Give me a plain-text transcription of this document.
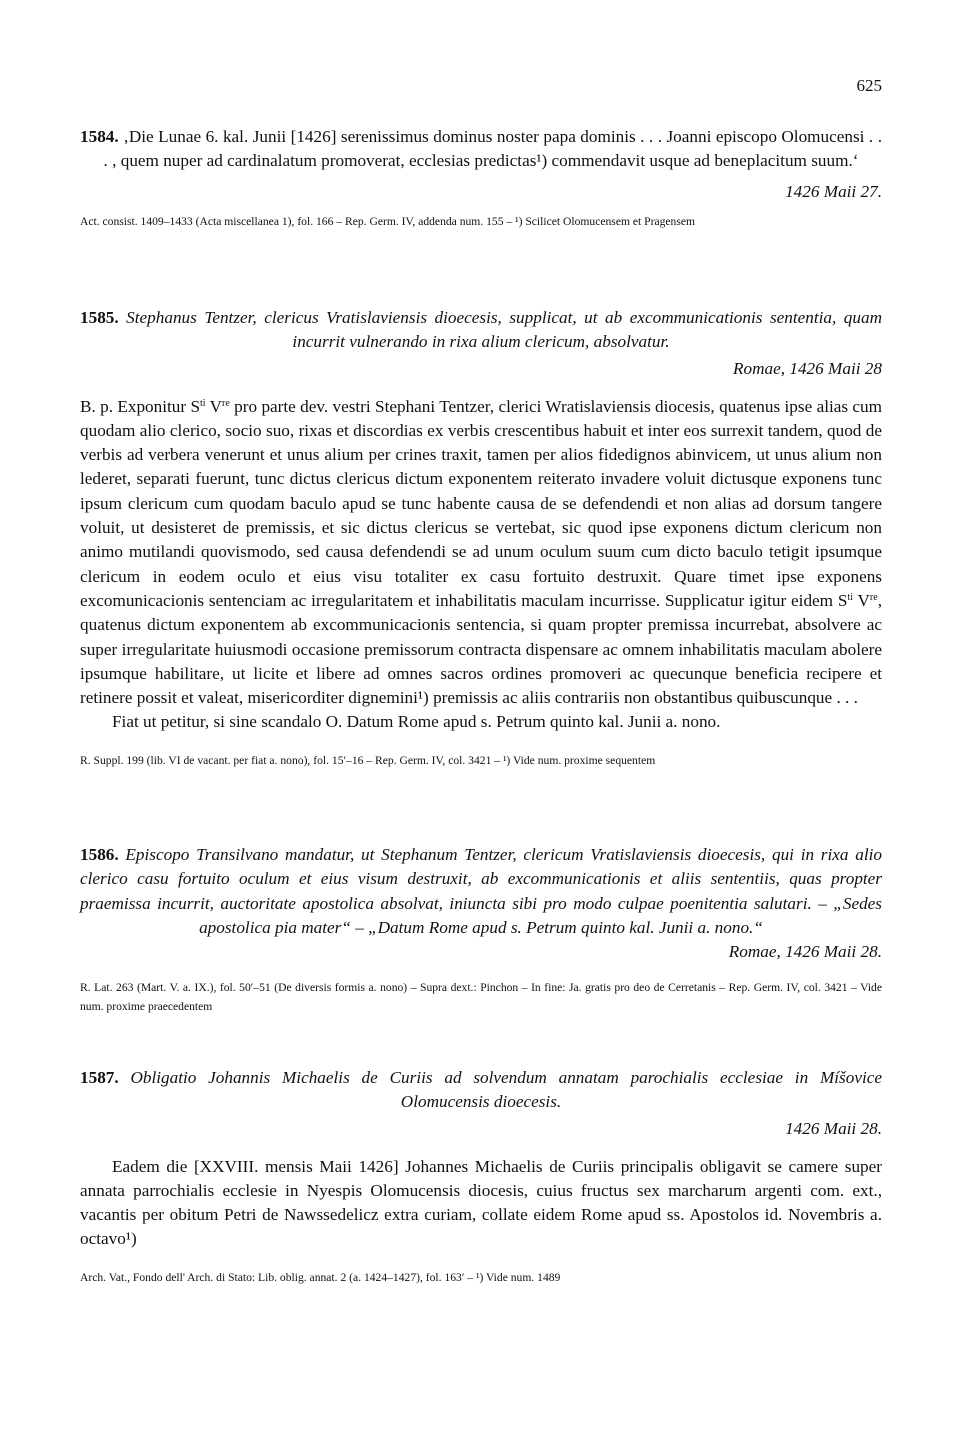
625

1584. ‚Die Lunae 6. kal. Junii [1426] serenissimus dominus noster papa dominis . . . Joanni episcopo Olomucensi . . . , quem nuper ad cardinalatum promoverat, ecclesias predictas¹) commendavit usque ad beneplacitum suum.‘

1426 Maii 27.

Act. consist. 1409–1433 (Acta miscellanea 1), fol. 166 – Rep. Germ. IV, addenda num. 155 – ¹) Scilicet Olomucensem et Pragensem

1585. Stephanus Tentzer, clericus Vratislaviensis dioecesis, supplicat, ut ab excommunicationis sententia, quam incurrit vulnerando in rixa alium clericum, absolvatur.

Romae, 1426 Maii 28

B. p. Exponitur $S^{ti}$ Vre pro parte dev. vestri Stephani Tentzer, clerici Wratislaviensis diocesis, quatenus ipse alias cum quodam alio clerico, socio suo, rixas et discordias ex verbis crescentibus habuit et inter eos surrexit tandem, quod de verbis ad verbera venerunt et unus alium per crines traxit, tamen per alios fidedignos abinvicem, ut unus alium non lederet, separati fuerunt, tunc dictus clericus dictum exponentem reiterato invadere voluit dictusque exponens tunc ipsum clericum cum quodam baculo apud se tunc habente causa de se defendendi et non alias ad dorsum tangere voluit, ut desisteret de premissis, et sic dictus clericus se vertebat, sic quod ipse exponens dictum clericum non animo mutilandi quovismodo, sed causa defendendi se ad unum oculum suum cum dicto baculo tetigit ipsumque clericum in eodem oculo et eius visu totaliter ex casu fortuito destruxit. Quare timet ipse exponens excomunicacionis sentenciam ac irregularitatem et inhabilitatis maculam incurrisse. Supplicatur igitur eidem $S^{ti}$ Vre, quatenus dictum exponentem ab excommunicacionis sentencia, si quam propter premissa incurrebat, absolvere ac super irregularitate huiusmodi occasione premissorum contracta dispensare ac omnem inhabilitatis maculam abolere ipsumque habilitare, ut licite et libere ad omnes sacros ordines promoveri ac quecunque beneficia recipere et retinere possit et valeat, misericorditer dignemini¹) premissis ac aliis contrariis non obstantibus quibuscunque . . .

Fiat ut petitur, si sine scandalo O. Datum Rome apud s. Petrum quinto kal. Junii a. nono.

R. Suppl. 199 (lib. VI de vacant. per fiat a. nono), fol. 15′–16 – Rep. Germ. IV, col. 3421 – ¹) Vide num. proxime sequentem

1586. Episcopo Transilvano mandatur, ut Stephanum Tentzer, clericum Vratislaviensis dioecesis, qui in rixa alio clerico casu fortuito oculum et eius visum destruxit, ab excommunicationis et aliis sententiis, quas propter praemissa incurrit, auctoritate apostolica absolvat, iniuncta sibi pro modo culpae poenitentia salutari. – „Sedes apostolica pia mater“ – „Datum Rome apud s. Petrum quinto kal. Junii a. nono.“

Romae, 1426 Maii 28.

R. Lat. 263 (Mart. V. a. IX.), fol. 50′–51 (De diversis formis a. nono) – Supra dext.: Pinchon – In fine: Ja. gratis pro deo de Cerretanis – Rep. Germ. IV, col. 3421 – Vide num. proxime praecedentem

1587. Obligatio Johannis Michaelis de Curiis ad solvendum annatam parochialis ecclesiae in Míšovice Olomucensis dioecesis.

1426 Maii 28.

Eadem die [XXVIII. mensis Maii 1426] Johannes Michaelis de Curiis principalis obligavit se camere super annata parrochialis ecclesie in Nyespis Olomucensis diocesis, cuius fructus sex marcharum argenti com. ext., vacantis per obitum Petri de Nawssedelicz extra curiam, collate eidem Rome apud ss. Apostolos id. Novembris a. octavo¹)

Arch. Vat., Fondo dell' Arch. di Stato: Lib. oblig. annat. 2 (a. 1424–1427), fol. 163′ – ¹) Vide num. 1489
